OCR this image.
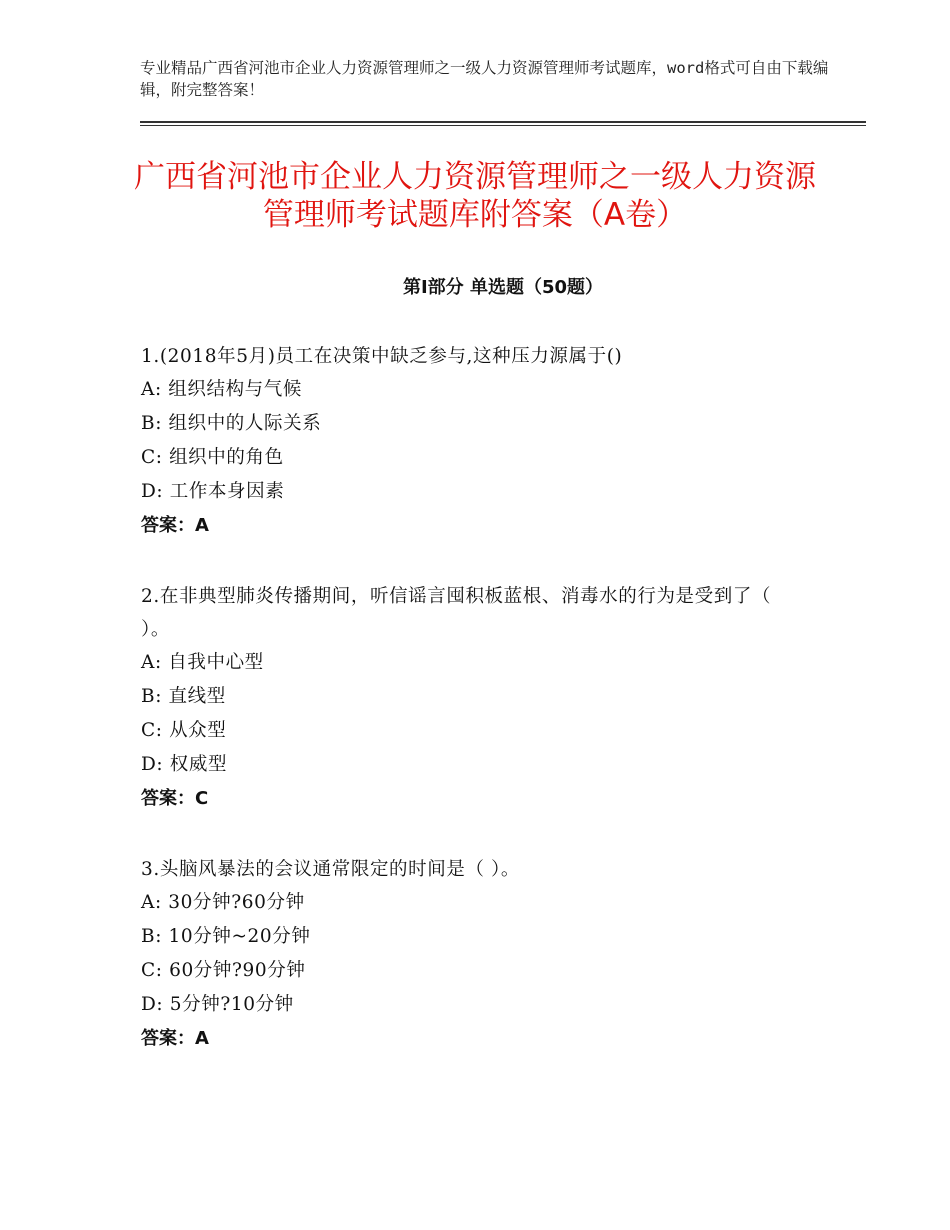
专业精品广西省河池市企业人力资源管理师之一级人力资源管理师考试题库，word格式可自由下载编辑，附完整答案！
广西省河池市企业人力资源管理师之一级人力资源管理师考试题库附答案（A卷）
第Ⅰ部分 单选题（50题）
1.(2018年5月)员工在决策中缺乏参与,这种压力源属于()
A: 组织结构与气候
B: 组织中的人际关系
C: 组织中的角色
D: 工作本身因素
答案：A
2.在非典型肺炎传播期间，听信谣言囤积板蓝根、消毒水的行为是受到了（ ）。
A: 自我中心型
B: 直线型
C: 从众型
D: 权威型
答案：C
3.头脑风暴法的会议通常限定的时间是（ ）。
A: 30分钟?60分钟
B: 10分钟~20分钟
C: 60分钟?90分钟
D: 5分钟?10分钟
答案：A
